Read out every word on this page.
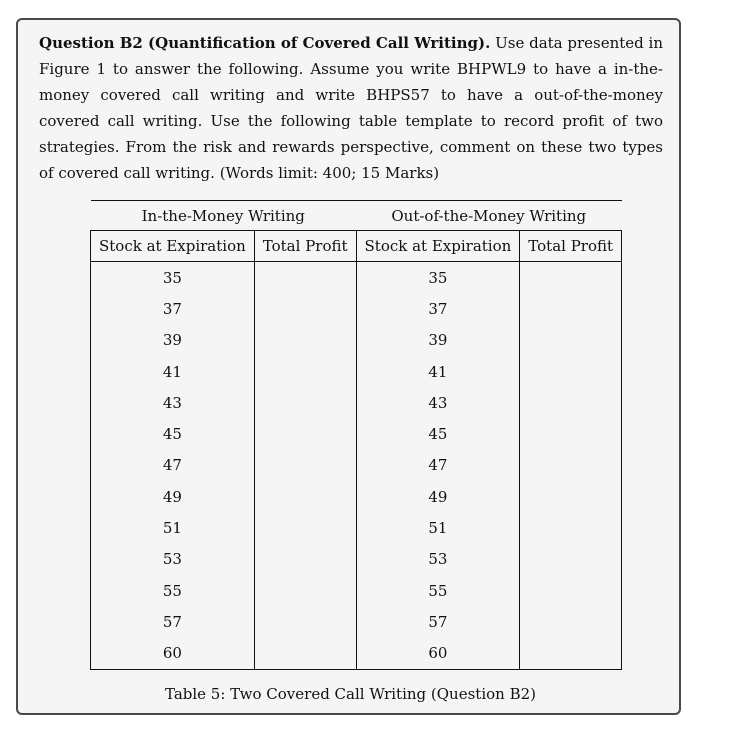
Question B2 (Quantification of Covered Call Writing). Use data presented in Figure 1 to answer the following. Assume you write BHPWL9 to have a in-the-money covered call writing and write BHPS57 to have a out-of-the-money covered call writing. Use the following table template to record profit of two strategies. From the risk and rewards perspective, comment on these two types of covered call writing. (Words limit: 400; 15 Marks)

In-the-Money Writing		Out-of-the-Money Writing	
Stock at Expiration	Total Profit	Stock at Expiration	Total Profit
35		35	
37		37	
39		39	
41		41	
43		43	
45		45	
47		47	
49		49	
51		51	
53		53	
55		55	
57		57	
60		60	
Table 5: Two Covered Call Writing (Question B2)
